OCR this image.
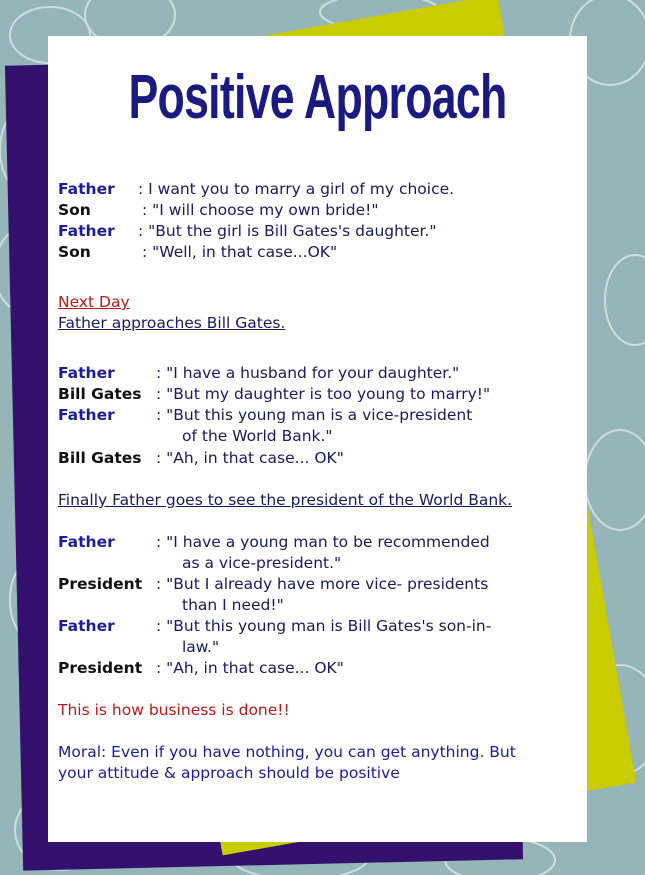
Positive Approach
Father : I want you to marry a girl of my choice.
Son	: "I will choose my own bride!"
Father : "But the girl is Bill Gates's daughter."
Son	: "Well, in that case...OK"
Next Day
Father approaches Bill Gates.
Father	: "I have a husband for your daughter."
Bill Gates : "But my daughter is too young to marry!"
Father	: "But this young man is a vice-president
of the World Bank."
Bill Gates : "Ah, in that case... OK"
Finally Father goes to see the president of the World Bank.
Father	: "I have a young man to be recommended
as a vice-president."
President : "But I already have more vice- presidents
than I need!"
Father	: "But this young man is Bill Gates's son-in-
law."
President : "Ah, in that case... OK"
This is how business is done!!
Moral: Even if you have nothing, you can get anything. But
your attitude & approach should be positive
